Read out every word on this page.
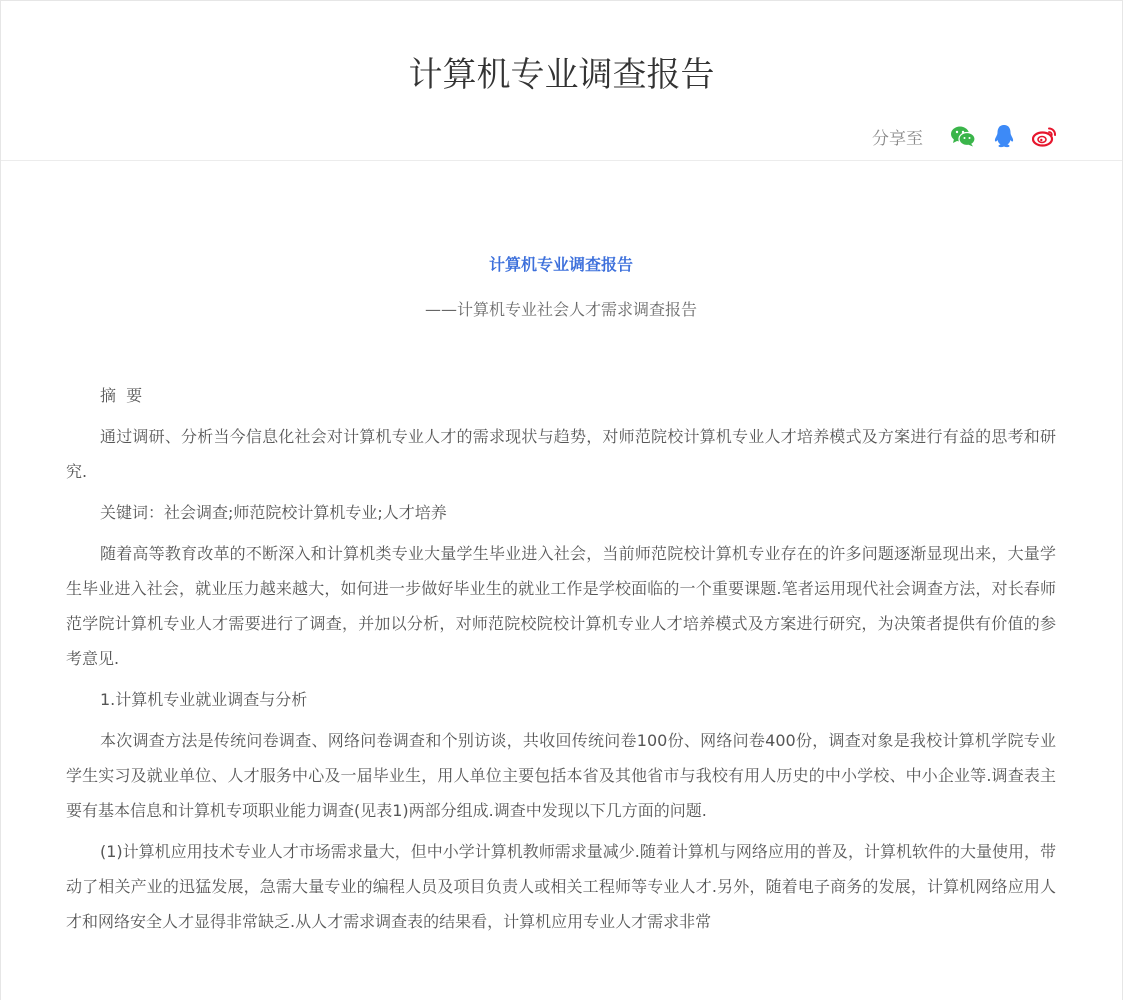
计算机专业调查报告
分享至
计算机专业调查报告
——计算机专业社会人才需求调查报告

摘  要

通过调研、分析当今信息化社会对计算机专业人才的需求现状与趋势，对师范院校计算机专业人才培养模式及方案进行有益的思考和研究.

关键词：社会调查;师范院校计算机专业;人才培养

随着高等教育改革的不断深入和计算机类专业大量学生毕业进入社会，当前师范院校计算机专业存在的许多问题逐渐显现出来，大量学生毕业进入社会，就业压力越来越大，如何进一步做好毕业生的就业工作是学校面临的一个重要课题.笔者运用现代社会调查方法，对长春师范学院计算机专业人才需要进行了调查，并加以分析，对师范院校院校计算机专业人才培养模式及方案进行研究，为决策者提供有价值的参考意见.

1.计算机专业就业调查与分析

本次调查方法是传统问卷调查、网络问卷调查和个别访谈，共收回传统问卷100份、网络问卷400份，调查对象是我校计算机学院专业学生实习及就业单位、人才服务中心及一届毕业生，用人单位主要包括本省及其他省市与我校有用人历史的中小学校、中小企业等.调查表主要有基本信息和计算机专项职业能力调查(见表1)两部分组成.调查中发现以下几方面的问题.

(1)计算机应用技术专业人才市场需求量大，但中小学计算机教师需求量减少.随着计算机与网络应用的普及，计算机软件的大量使用，带动了相关产业的迅猛发展，急需大量专业的编程人员及项目负责人或相关工程师等专业人才.另外，随着电子商务的发展，计算机网络应用人才和网络安全人才显得非常缺乏.从人才需求调查表的结果看，计算机应用专业人才需求非常
